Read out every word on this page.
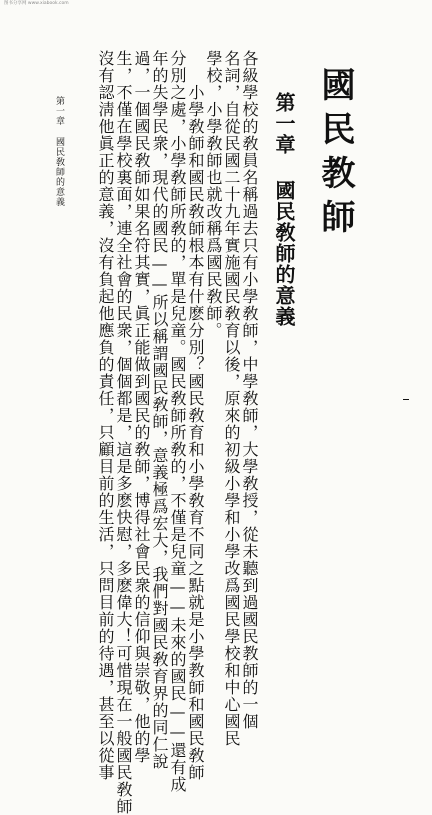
图书分享网 www.xiabook.com
國民教師
第一章 國民敎師的意義
各級學校的敎員名稱過去只有小學敎師，中學敎師，大學敎授，從未聽到過國民教師的一個
名詞，自從民國二十九年實施國民敎育以後，原來的初級小學和小學改爲國民學校和中心國民
學校，小學敎師也就改稱爲國民敎師。
　　小學敎師和國民敎師根本有什麽分別？國民敎育和小學敎育不同之點就是小學教師和國民敎師
分別之處，小學敎師所敎的，單是兒童。國民敎師所敎的，不僅是兒童——未來的國民——還有成
年的失學民衆，現代的國民——所以稱謂國民敎師，意義極爲宏大，我們對國民敎育界的同仁說
過，一個國民敎師如果名符其實，眞正能做到國民的敎師，博得社會民衆的信仰與崇敬，他的學
生，不僅在學校裏面，連全社會的民衆，個個都是，這是多麽快慰，多麽偉大！可惜現在一般國民敎師
沒有認淸他眞正的意義，沒有負起他應負的責任，只顧目前的生活，只問目前的待遇，甚至以從事
第一章 國民敎師的意義
